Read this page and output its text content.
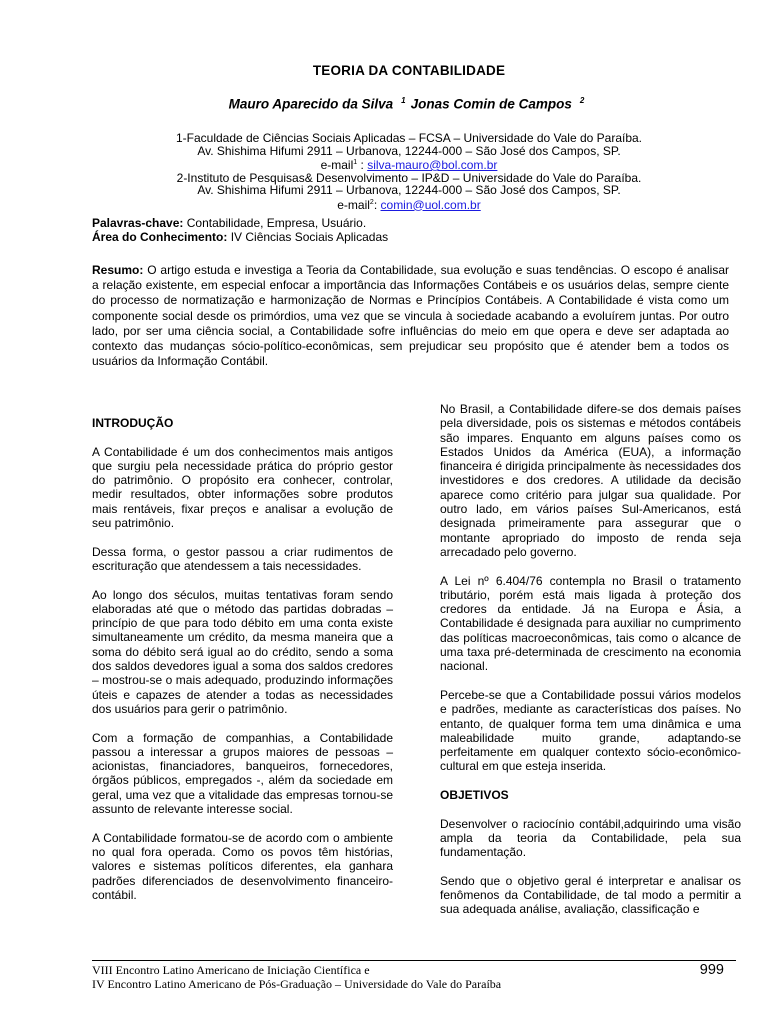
TEORIA DA CONTABILIDADE
Mauro Aparecido da Silva $^1$ Jonas Comin de Campos $^2$
1-Faculdade de Ciências Sociais Aplicadas – FCSA – Universidade do Vale do Paraíba.
Av. Shishima Hifumi 2911 – Urbanova, 12244-000 – São José dos Campos, SP.
e-mail$^1$ : silva-mauro@bol.com.br
2-Instituto de Pesquisas& Desenvolvimento – IP&D – Universidade do Vale do Paraíba.
Av. Shishima Hifumi 2911 – Urbanova, 12244-000 – São José dos Campos, SP.
e-mail$^2$: comin@uol.com.br
Palavras-chave: Contabilidade, Empresa, Usuário.
Área do Conhecimento: IV Ciências Sociais Aplicadas
Resumo: O artigo estuda e investiga a Teoria da Contabilidade, sua evolução e suas tendências. O escopo é analisar a relação existente, em especial enfocar a importância das Informações Contábeis e os usuários delas, sempre ciente do processo de normatização e harmonização de Normas e Princípios Contábeis. A Contabilidade é vista como um componente social desde os primórdios, uma vez que se vincula à sociedade acabando a evoluírem juntas. Por outro lado, por ser uma ciência social, a Contabilidade sofre influências do meio em que opera e deve ser adaptada ao contexto das mudanças sócio-político-econômicas, sem prejudicar seu propósito que é atender bem a todos os usuários da Informação Contábil.
INTRODUÇÃO

A Contabilidade é um dos conhecimentos mais antigos que surgiu pela necessidade prática do próprio gestor do patrimônio. O propósito era conhecer, controlar, medir resultados, obter informações sobre produtos mais rentáveis, fixar preços e analisar a evolução de seu patrimônio.

Dessa forma, o gestor passou a criar rudimentos de escrituração que atendessem a tais necessidades.

Ao longo dos séculos, muitas tentativas foram sendo elaboradas até que o método das partidas dobradas – princípio de que para todo débito em uma conta existe simultaneamente um crédito, da mesma maneira que a soma do débito será igual ao do crédito, sendo a soma dos saldos devedores igual a soma dos saldos credores – mostrou-se o mais adequado, produzindo informações úteis e capazes de atender a todas as necessidades dos usuários para gerir o patrimônio.

Com a formação de companhias, a Contabilidade passou a interessar a grupos maiores de pessoas – acionistas, financiadores, banqueiros, fornecedores, órgãos públicos, empregados -, além da sociedade em geral, uma vez que a vitalidade das empresas tornou-se assunto de relevante interesse social.

A Contabilidade formatou-se de acordo com o ambiente no qual fora operada. Como os povos têm histórias, valores e sistemas políticos diferentes, ela ganhara padrões diferenciados de desenvolvimento financeiro-contábil.

No Brasil, a Contabilidade difere-se dos demais países pela diversidade, pois os sistemas e métodos contábeis são impares. Enquanto em alguns países como os Estados Unidos da América (EUA), a informação financeira é dirigida principalmente às necessidades dos investidores e dos credores. A utilidade da decisão aparece como critério para julgar sua qualidade. Por outro lado, em vários países Sul-Americanos, está designada primeiramente para assegurar que o montante apropriado do imposto de renda seja arrecadado pelo governo.

A Lei nº 6.404/76 contempla no Brasil o tratamento tributário, porém está mais ligada à proteção dos credores da entidade. Já na Europa e Ásia, a Contabilidade é designada para auxiliar no cumprimento das políticas macroeconômicas, tais como o alcance de uma taxa pré-determinada de crescimento na economia nacional.

Percebe-se que a Contabilidade possui vários modelos e padrões, mediante as características dos países. No entanto, de qualquer forma tem uma dinâmica e uma maleabilidade muito grande, adaptando-se perfeitamente em qualquer contexto sócio-econômico-cultural em que esteja inserida.

OBJETIVOS

Desenvolver o raciocínio contábil,adquirindo uma visão ampla da teoria da Contabilidade, pela sua fundamentação.

Sendo que o objetivo geral é interpretar e analisar os fenômenos da Contabilidade, de tal modo a permitir a sua adequada análise, avaliação, classificação e

VIII Encontro Latino Americano de Iniciação Científica e
IV Encontro Latino Americano de Pós-Graduação – Universidade do Vale do Paraíba
999
